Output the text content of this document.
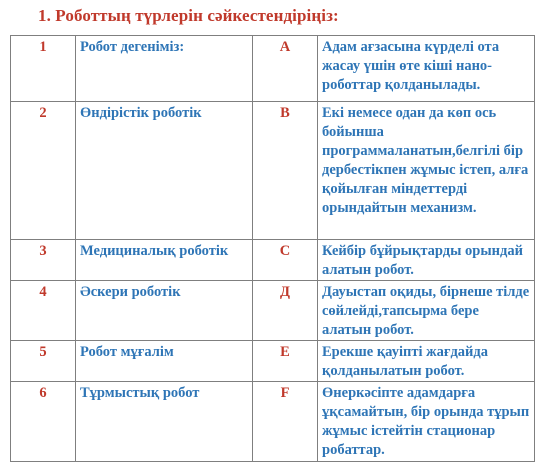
1. Роботтың түрлерін сәйкестендіріңіз:
1	Робот дегеніміз:	A	Адам ағзасына күрделі ота жасау үшін өте кіші нано-роботтар қолданылады.
2	Өндірістік роботік	B	Екі немесе одан да көп ось бойынша программаланатын,белгілі бір дербестікпен жұмыс істеп, алға қойылған міндеттерді орындайтын механизм.
3	Медициналық роботік	C	Кейбір бұйрықтарды орындай алатын робот.
4	Әскери роботік	Д	Дауыстап оқиды, бірнеше тілде сөйлейді,тапсырма бере алатын робот.
5	Робот мұғалім	E	Ерекше қауіпті жағдайда қолданылатын робот.
6	Тұрмыстық робот	F	Өнеркәсіпте адамдарға ұқсамайтын, бір орында тұрып жұмыс істейтін стационар робаттар.
